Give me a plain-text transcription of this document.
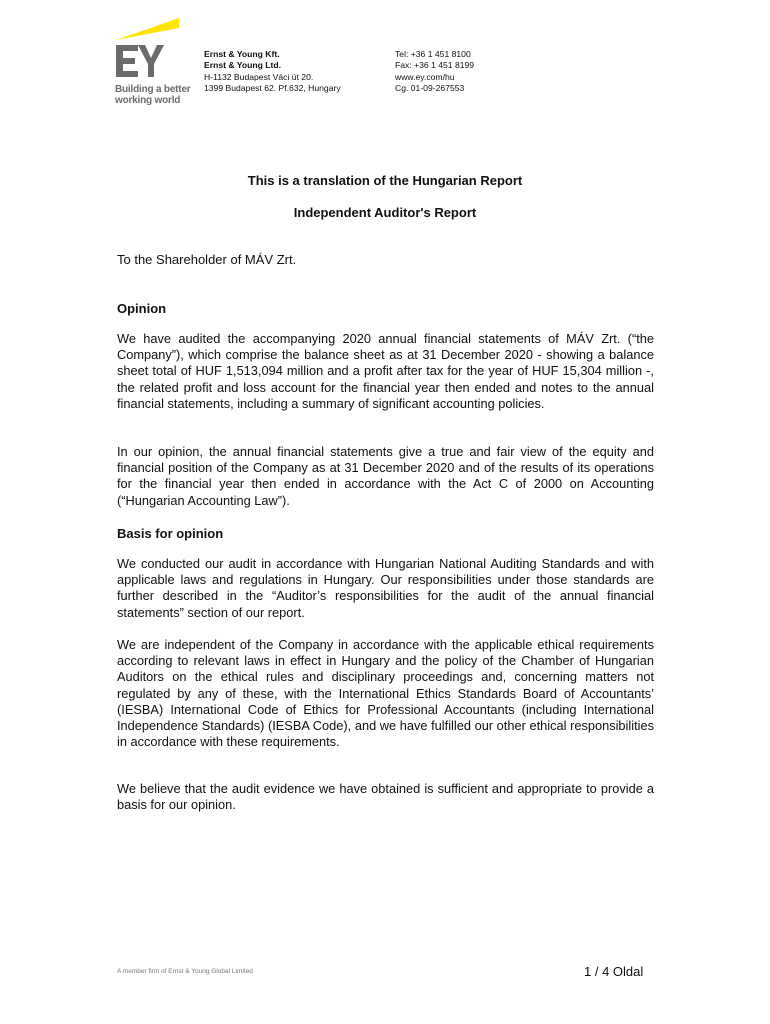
Building a better
working world
Ernst & Young Kft.
Ernst & Young Ltd.
H-1132 Budapest Váci út 20.
1399 Budapest 62. Pf.632, Hungary
Tel: +36 1 451 8100
Fax: +36 1 451 8199
www.ey.com/hu
Cg. 01-09-267553

This is a translation of the Hungarian Report

Independent Auditor's Report

To the Shareholder of MÁV Zrt.

Opinion

We have audited the accompanying 2020 annual financial statements of MÁV Zrt. (“the Company”), which comprise the balance sheet as at 31 December 2020 - showing a balance sheet total of HUF 1,513,094 million and a profit after tax for the year of HUF 15,304 million -, the related profit and loss account for the financial year then ended and notes to the annual financial statements, including a summary of significant accounting policies.

In our opinion, the annual financial statements give a true and fair view of the equity and financial position of the Company as at 31 December 2020 and of the results of its operations for the financial year then ended in accordance with the Act C of 2000 on Accounting (“Hungarian Accounting Law”).

Basis for opinion

We conducted our audit in accordance with Hungarian National Auditing Standards and with applicable laws and regulations in Hungary. Our responsibilities under those standards are further described in the “Auditor’s responsibilities for the audit of the annual financial statements” section of our report.

We are independent of the Company in accordance with the applicable ethical requirements according to relevant laws in effect in Hungary and the policy of the Chamber of Hungarian Auditors on the ethical rules and disciplinary proceedings and, concerning matters not regulated by any of these, with the International Ethics Standards Board of Accountants’ (IESBA) International Code of Ethics for Professional Accountants (including International Independence Standards) (IESBA Code), and we have fulfilled our other ethical responsibilities in accordance with these requirements.

We believe that the audit evidence we have obtained is sufficient and appropriate to provide a basis for our opinion.

A member firm of Ernst & Young Global Limited	1 / 4 Oldal
